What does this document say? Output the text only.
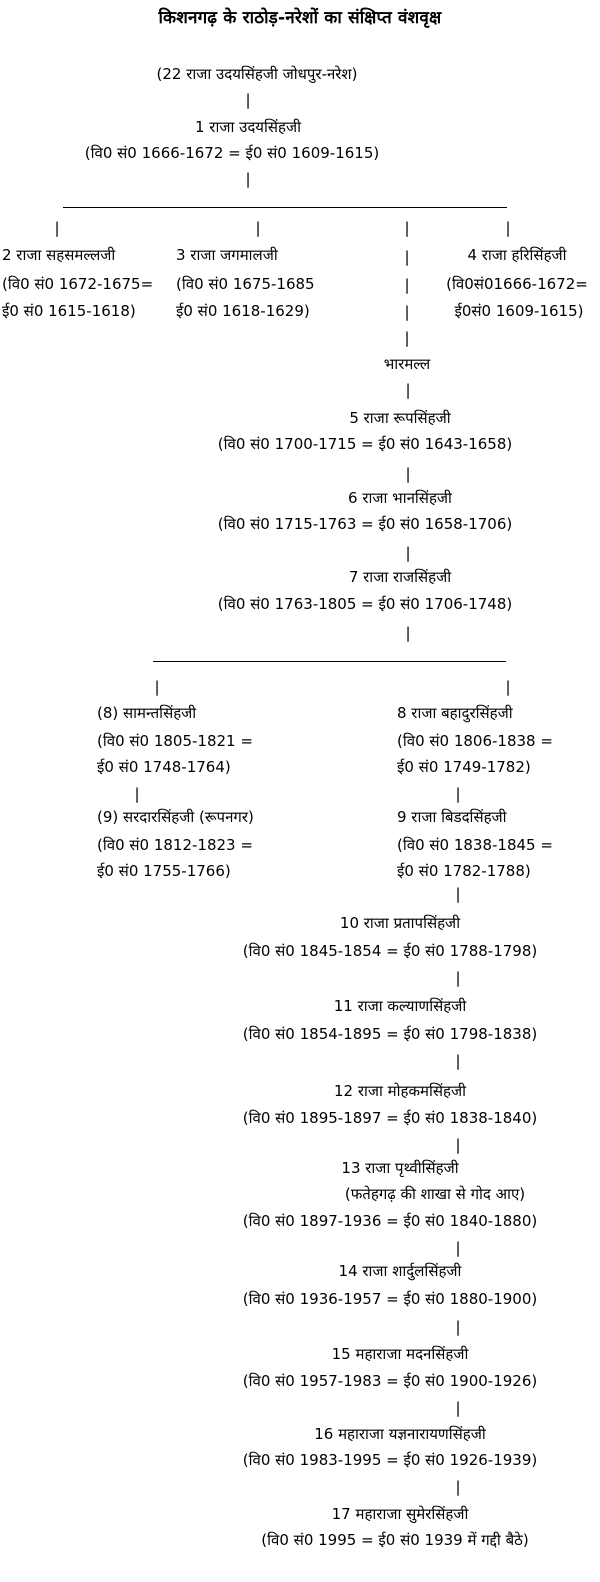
किशनगढ़ के राठोड़-नरेशों का संक्षिप्त वंशवृक्ष
(22 राजा उदयसिंहजी जोधपुर-नरेश)
|
1 राजा उदयसिंहजी
(वि0 सं0 1666-1672 = ई0 सं0 1609-1615)
|
|	|	|	|
2 राजा सहसमल्लजी
(वि0 सं0 1672-1675=
ई0 सं0 1615-1618)
3 राजा जगमालजी
(वि0 सं0 1675-1685
ई0 सं0 1618-1629)
|
|
|
|
4 राजा हरिसिंहजी
(वि0सं01666-1672=
ई0सं0 1609-1615)
भारमल्ल
|
5 राजा रूपसिंहजी
(वि0 सं0 1700-1715 = ई0 सं0 1643-1658)
|
6 राजा भानसिंहजी
(वि0 सं0 1715-1763 = ई0 सं0 1658-1706)
|
7 राजा राजसिंहजी
(वि0 सं0 1763-1805 = ई0 सं0 1706-1748)
|
|	|
(8) सामन्तसिंहजी
(वि0 सं0 1805-1821 =
ई0 सं0 1748-1764)
|
(9) सरदारसिंहजी (रूपनगर)
(वि0 सं0 1812-1823 =
ई0 सं0 1755-1766)
8 राजा बहादुरसिंहजी
(वि0 सं0 1806-1838 =
ई0 सं0 1749-1782)
|
9 राजा बिडदसिंहजी
(वि0 सं0 1838-1845 =
ई0 सं0 1782-1788)
|
10 राजा प्रतापसिंहजी
(वि0 सं0 1845-1854 = ई0 सं0 1788-1798)
|
11 राजा कल्याणसिंहजी
(वि0 सं0 1854-1895 = ई0 सं0 1798-1838)
|
12 राजा मोहकमसिंहजी
(वि0 सं0 1895-1897 = ई0 सं0 1838-1840)
|
13 राजा पृथ्वीसिंहजी
(फतेहगढ़ की शाखा से गोद आए)
(वि0 सं0 1897-1936 = ई0 सं0 1840-1880)
|
14 राजा शार्दुलसिंहजी
(वि0 सं0 1936-1957 = ई0 सं0 1880-1900)
|
15 महाराजा मदनसिंहजी
(वि0 सं0 1957-1983 = ई0 सं0 1900-1926)
|
16 महाराजा यज्ञनारायणसिंहजी
(वि0 सं0 1983-1995 = ई0 सं0 1926-1939)
|
17 महाराजा सुमेरसिंहजी
(वि0 सं0 1995 = ई0 सं0 1939 में गद्दी बैठे)
